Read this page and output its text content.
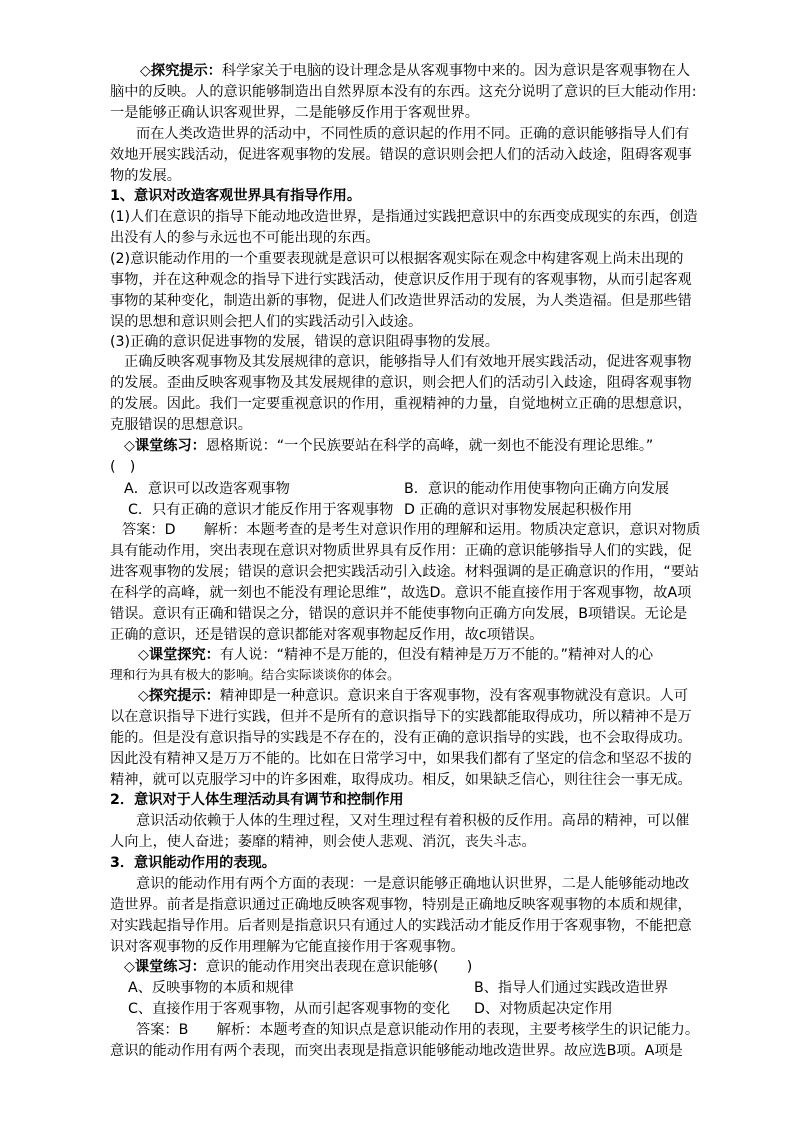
◇探究提示：科学家关于电脑的设计理念是从客观事物中来的。因为意识是客观事物在人
脑中的反映。人的意识能够制造出自然界原本没有的东西。这充分说明了意识的巨大能动作用:
一是能够正确认识客观世界，二是能够反作用于客观世界。
而在人类改造世界的活动中，不同性质的意识起的作用不同。正确的意识能够指导人们有
效地开展实践活动，促进客观事物的发展。错误的意识则会把人们的活动入歧途，阻碍客观事
物的发展。
1、意识对改造客观世界具有指导作用。
(1)人们在意识的指导下能动地改造世界，是指通过实践把意识中的东西变成现实的东西，创造
出没有人的参与永远也不可能出现的东西。
(2)意识能动作用的一个重要表现就是意识可以根据客观实际在观念中构建客观上尚未出现的
事物，并在这种观念的指导下进行实践活动，使意识反作用于现有的客观事物，从而引起客观
事物的某种变化，制造出新的事物，促进人们改造世界活动的发展，为人类造福。但是那些错
误的思想和意识则会把人们的实践活动引入歧途。
(3)正确的意识促进事物的发展，错误的意识阻碍事物的发展。
正确反映客观事物及其发展规律的意识，能够指导人们有效地开展实践活动，促进客观事物
的发展。歪曲反映客观事物及其发展规律的意识，则会把人们的活动引入歧途，阻碍客观事物
的发展。因此。我们一定要重视意识的作用，重视精神的力量，自觉地树立正确的思想意识，
克服错误的思想意识。
◇课堂练习：恩格斯说：“一个民族要站在科学的高峰，就一刻也不能没有理论思维。”
(　)
A．意识可以改造客观事物	B．意识的能动作用使事物向正确方向发展
C．只有正确的意识才能反作用于客观事物 D 正确的意识对事物发展起积极作用
答案：D　　解析：本题考查的是考生对意识作用的理解和运用。物质决定意识，意识对物质
具有能动作用，突出表现在意识对物质世界具有反作用：正确的意识能够指导人们的实践，促
进客观事物的发展；错误的意识会把实践活动引入歧途。材料强调的是正确意识的作用，“要站
在科学的高峰，就一刻也不能没有理论思维”，故选D。意识不能直接作用于客观事物，故A项
错误。意识有正确和错误之分，错误的意识并不能使事物向正确方向发展，B项错误。无论是
正确的意识，还是错误的意识都能对客观事物起反作用，故c项错误。
◇课堂探究：有人说：“精神不是万能的，但没有精神是万万不能的。”精神对人的心
理和行为具有极大的影响。结合实际谈谈你的体会。
◇探究提示：精神即是一种意识。意识来自于客观事物，没有客观事物就没有意识。人可
以在意识指导下进行实践，但并不是所有的意识指导下的实践都能取得成功，所以精神不是万
能的。但是没有意识指导的实践是不存在的，没有正确的意识指导的实践，也不会取得成功。
因此没有精神又是万万不能的。比如在日常学习中，如果我们都有了坚定的信念和坚忍不拔的
精神，就可以克服学习中的许多困难，取得成功。相反，如果缺乏信心，则往往会一事无成。
2．意识对于人体生理活动具有调节和控制作用
意识活动依赖于人体的生理过程，又对生理过程有着积极的反作用。高昂的精神，可以催
人向上，使人奋进；萎靡的精神，则会使人悲观、消沉，丧失斗志。
3．意识能动作用的表现。
意识的能动作用有两个方面的表现：一是意识能够正确地认识世界，二是人能够能动地改
造世界。前者是指意识通过正确地反映客观事物，特别是正确地反映客观事物的本质和规律，
对实践起指导作用。后者则是指意识只有通过人的实践活动才能反作用于客观事物，不能把意
识对客观事物的反作用理解为它能直接作用于客观事物。
◇课堂练习：意识的能动作用突出表现在意识能够(　　)
A、反映事物的本质和规律	B、指导人们通过实践改造世界
C、直接作用于客观事物，从而引起客观事物的变化 D、对物质起决定作用
答案：B　　解析：本题考查的知识点是意识能动作用的表现，主要考核学生的识记能力。
意识的能动作用有两个表现，而突出表现是指意识能够能动地改造世界。故应选B项。A项是
